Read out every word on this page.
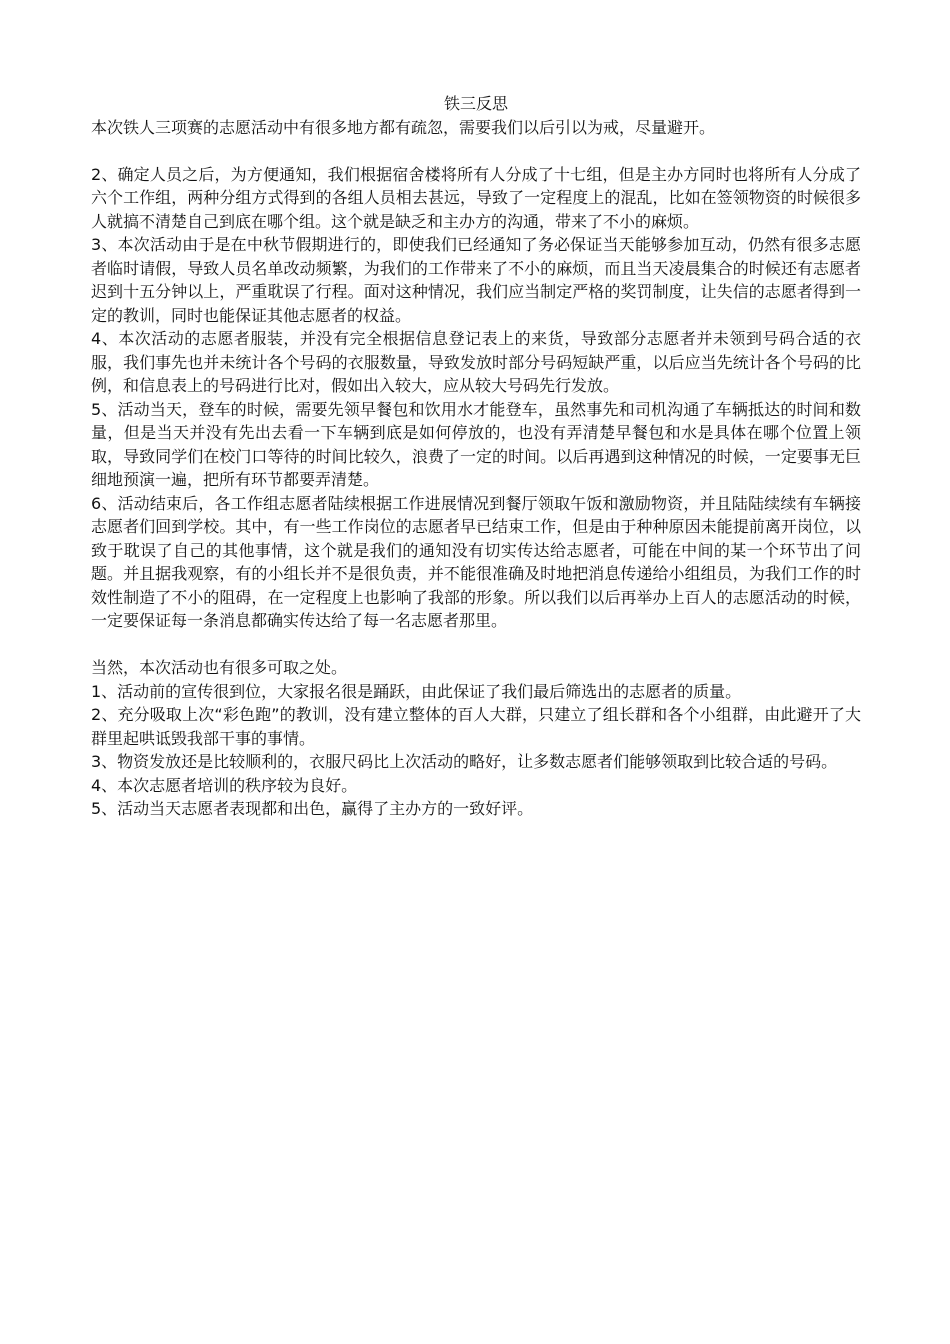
铁三反思

本次铁人三项赛的志愿活动中有很多地方都有疏忽，需要我们以后引以为戒，尽量避开。

2、确定人员之后，为方便通知，我们根据宿舍楼将所有人分成了十七组，但是主办方同时也将所有人分成了六个工作组，两种分组方式得到的各组人员相去甚远，导致了一定程度上的混乱，比如在签领物资的时候很多人就搞不清楚自己到底在哪个组。这个就是缺乏和主办方的沟通，带来了不小的麻烦。

3、本次活动由于是在中秋节假期进行的，即使我们已经通知了务必保证当天能够参加互动，仍然有很多志愿者临时请假，导致人员名单改动频繁，为我们的工作带来了不小的麻烦，而且当天凌晨集合的时候还有志愿者迟到十五分钟以上，严重耽误了行程。面对这种情况，我们应当制定严格的奖罚制度，让失信的志愿者得到一定的教训，同时也能保证其他志愿者的权益。

4、本次活动的志愿者服装，并没有完全根据信息登记表上的来货，导致部分志愿者并未领到号码合适的衣服，我们事先也并未统计各个号码的衣服数量，导致发放时部分号码短缺严重，以后应当先统计各个号码的比例，和信息表上的号码进行比对，假如出入较大，应从较大号码先行发放。

5、活动当天，登车的时候，需要先领早餐包和饮用水才能登车，虽然事先和司机沟通了车辆抵达的时间和数量，但是当天并没有先出去看一下车辆到底是如何停放的，也没有弄清楚早餐包和水是具体在哪个位置上领取，导致同学们在校门口等待的时间比较久，浪费了一定的时间。以后再遇到这种情况的时候，一定要事无巨细地预演一遍，把所有环节都要弄清楚。

6、活动结束后，各工作组志愿者陆续根据工作进展情况到餐厅领取午饭和激励物资，并且陆陆续续有车辆接志愿者们回到学校。其中，有一些工作岗位的志愿者早已结束工作，但是由于种种原因未能提前离开岗位，以致于耽误了自己的其他事情，这个就是我们的通知没有切实传达给志愿者，可能在中间的某一个环节出了问题。并且据我观察，有的小组长并不是很负责，并不能很准确及时地把消息传递给小组组员，为我们工作的时效性制造了不小的阻碍，在一定程度上也影响了我部的形象。所以我们以后再举办上百人的志愿活动的时候，一定要保证每一条消息都确实传达给了每一名志愿者那里。

当然，本次活动也有很多可取之处。

1、活动前的宣传很到位，大家报名很是踊跃，由此保证了我们最后筛选出的志愿者的质量。

2、充分吸取上次“彩色跑”的教训，没有建立整体的百人大群，只建立了组长群和各个小组群，由此避开了大群里起哄诋毁我部干事的事情。

3、物资发放还是比较顺利的，衣服尺码比上次活动的略好，让多数志愿者们能够领取到比较合适的号码。

4、本次志愿者培训的秩序较为良好。

5、活动当天志愿者表现都和出色，赢得了主办方的一致好评。
